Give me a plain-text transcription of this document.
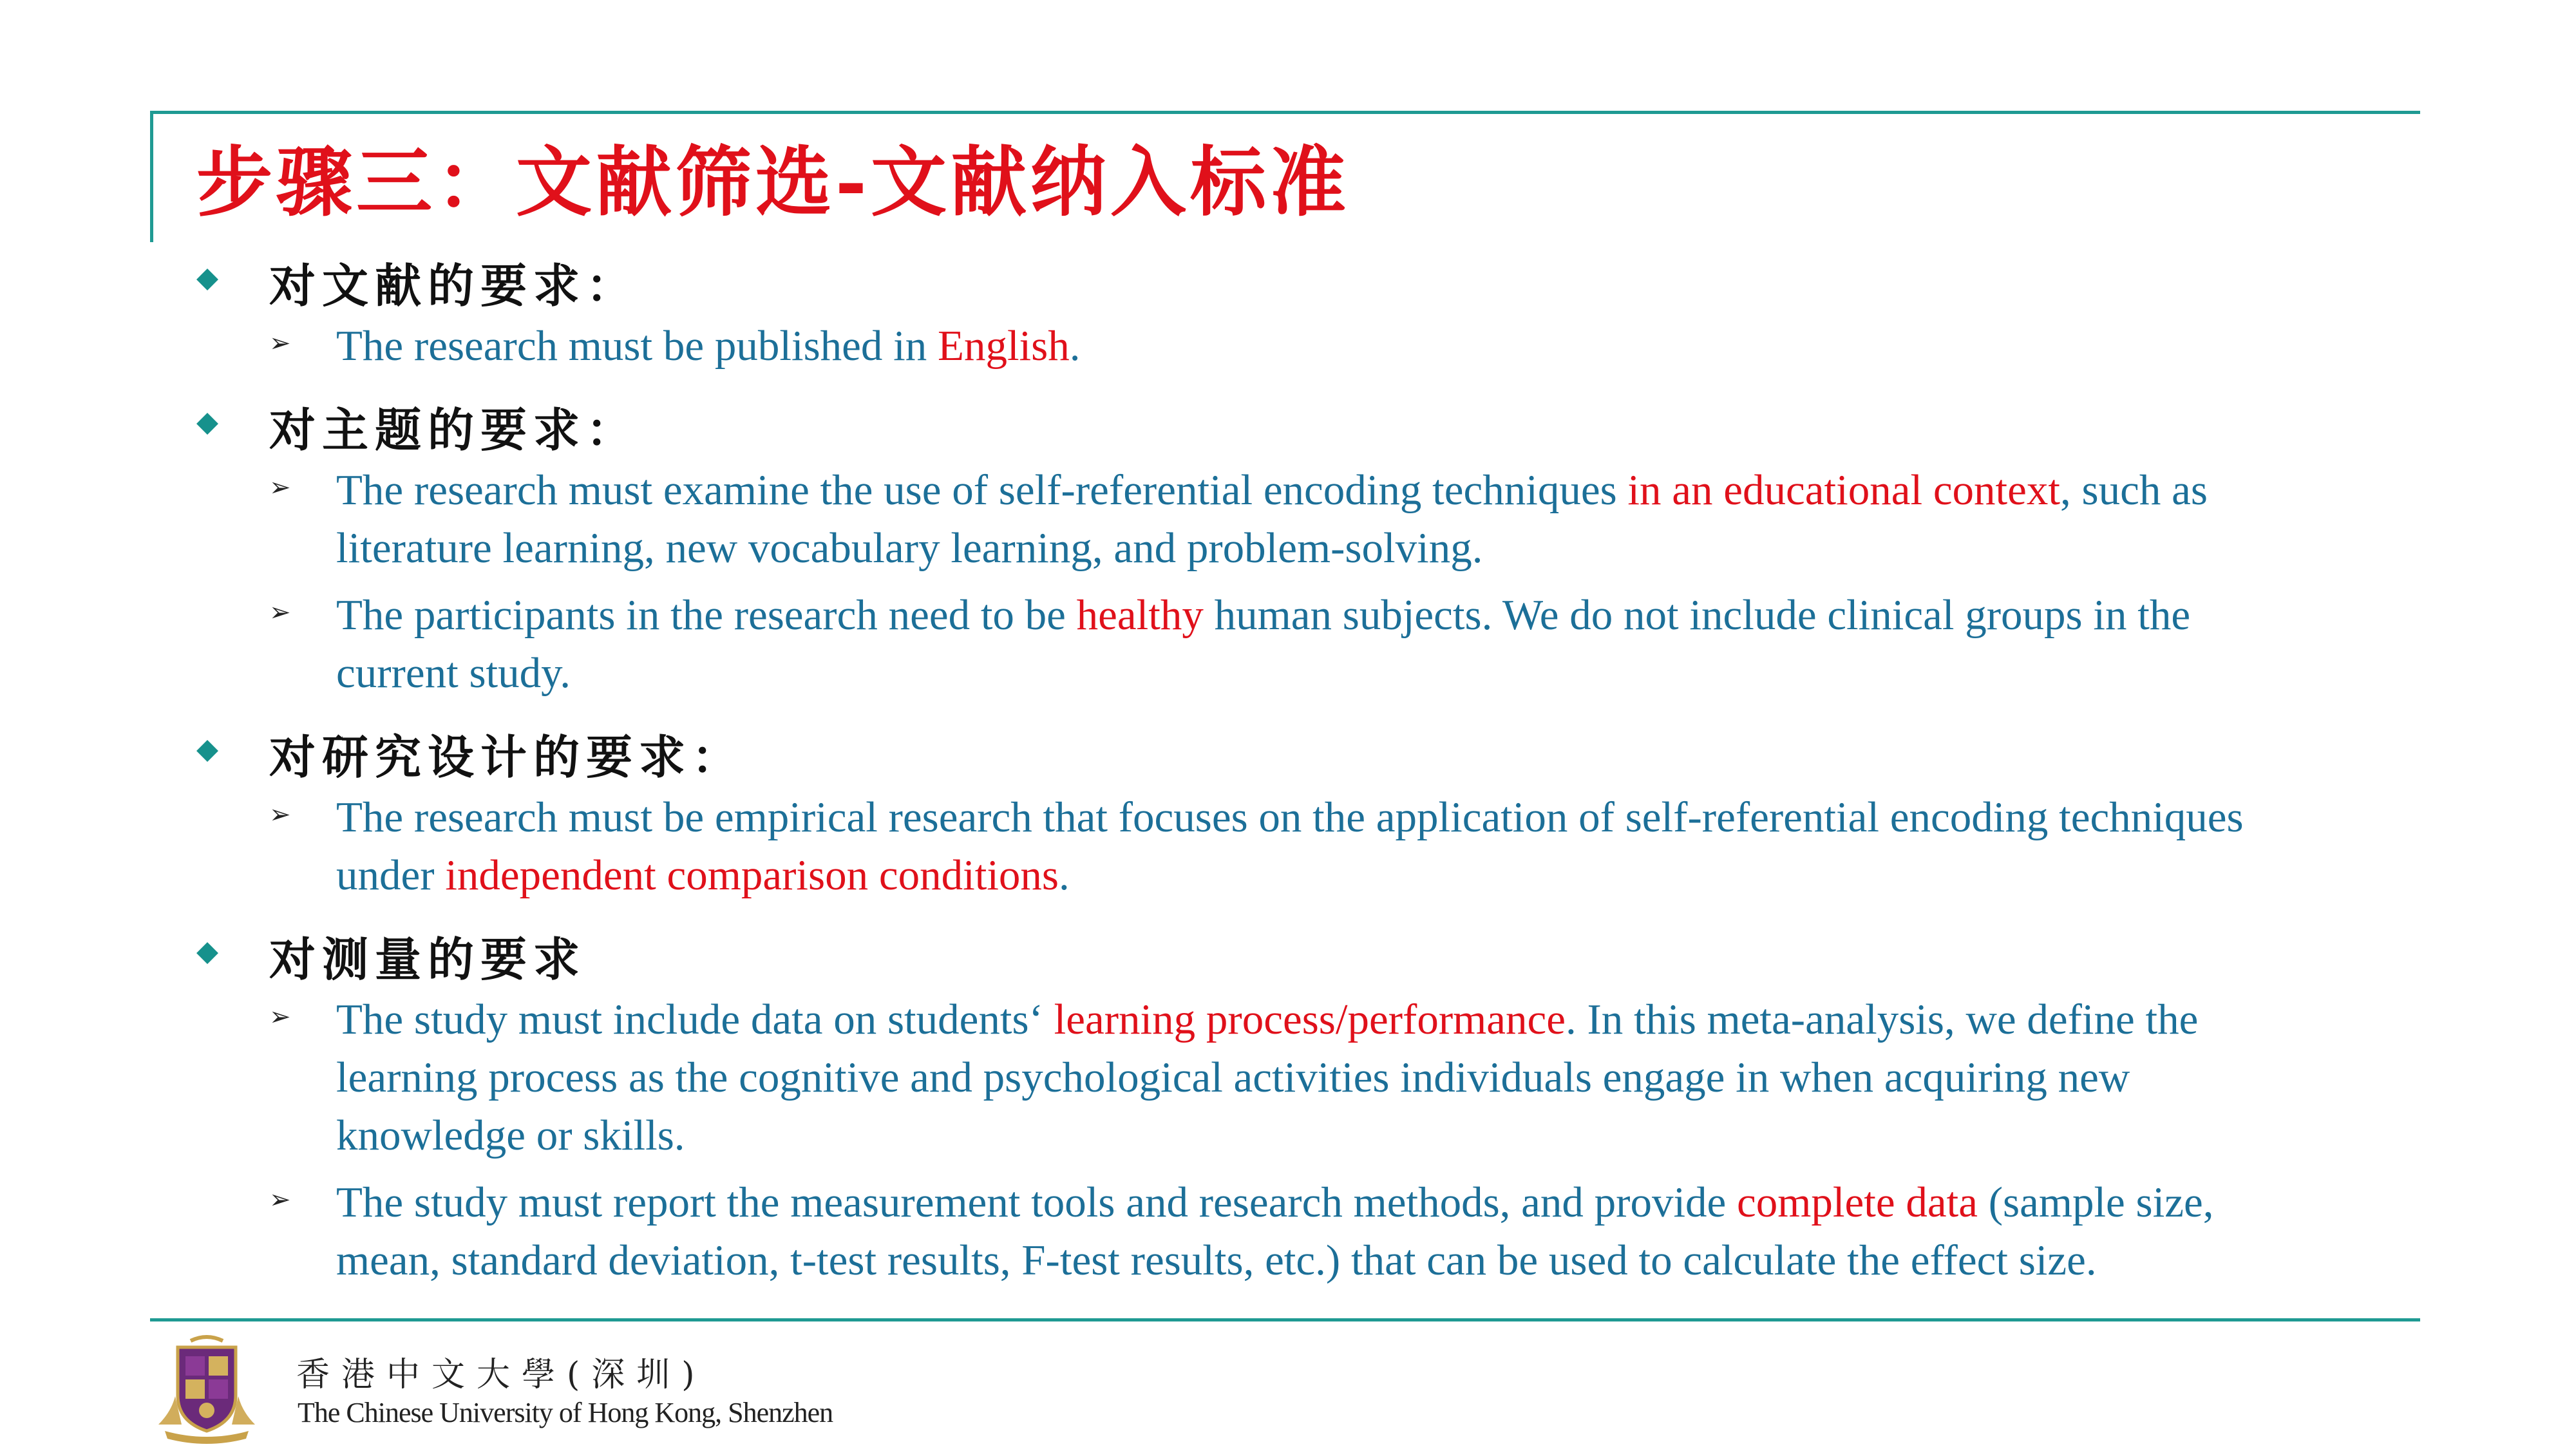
步骤三：文献筛选-文献纳入标准
对文献的要求：
➢ The research must be published in English.
对主题的要求：
➢ The research must examine the use of self-referential encoding techniques in an educational context, such as
literature learning, new vocabulary learning, and problem-solving.
➢ The participants in the research need to be healthy human subjects. We do not include clinical groups in the
current study.
对研究设计的要求：
➢ The research must be empirical research that focuses on the application of self-referential encoding techniques
under independent comparison conditions.
对测量的要求
➢ The study must include data on students‘ learning process/performance. In this meta-analysis, we define the
learning process as the cognitive and psychological activities individuals engage in when acquiring new
knowledge or skills.
➢ The study must report the measurement tools and research methods, and provide complete data (sample size,
mean, standard deviation, t-test results, F-test results, etc.) that can be used to calculate the effect size.
香港中文大學(深圳)
The Chinese University of Hong Kong, Shenzhen
